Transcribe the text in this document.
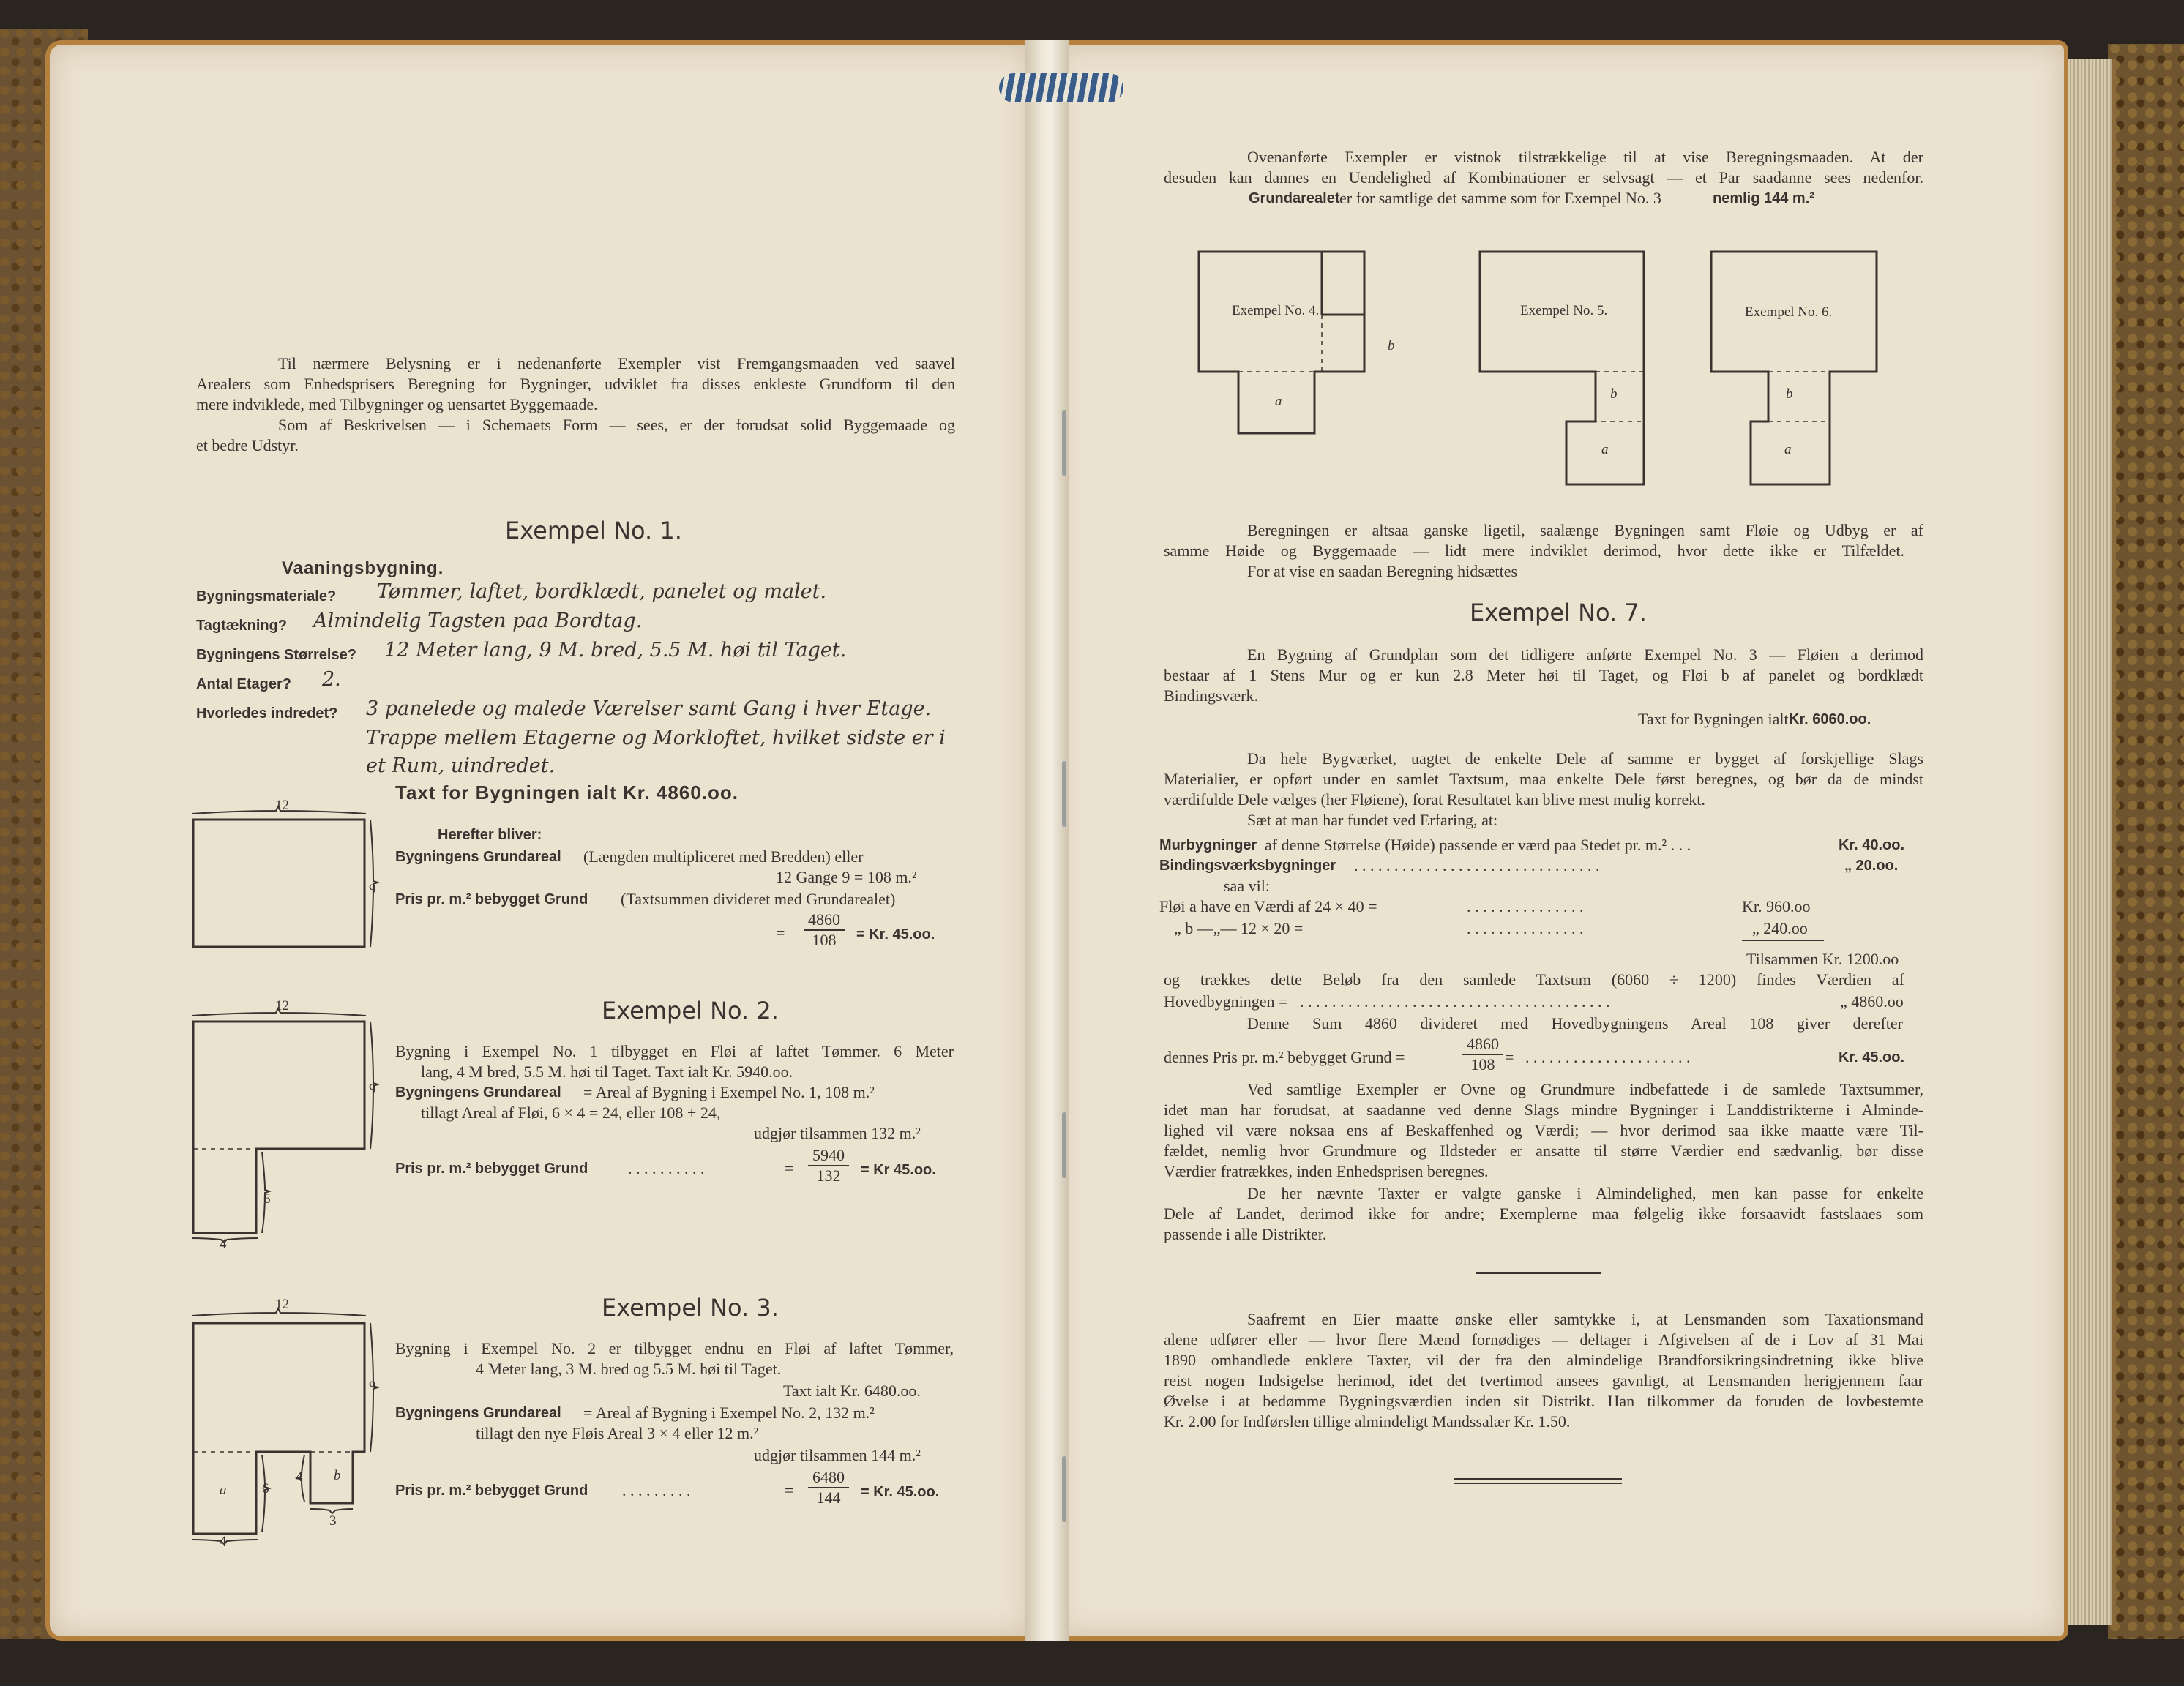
Til nærmere Belysning er i nedenanførte Exempler vist Fremgangsmaaden ved saavel
Arealers som Enhedsprisers Beregning for Bygninger, udviklet fra disses enkleste Grundform til den
mere indviklede, med Tilbygninger og uensartet Byggemaade.
Som af Beskrivelsen — i Schemaets Form — sees, er der forudsat solid Byggemaade og
et bedre Udstyr.
Exempel No. 1.
Vaaningsbygning.
Bygningsmateriale? Tømmer, laftet, bordklædt, panelet og malet.
Tagtækning? Almindelig Tagsten paa Bordtag.
Bygningens Størrelse? 12 Meter lang, 9 M. bred, 5.5 M. høi til Taget.
Antal Etager? 2.
Hvorledes indredet? 3 panelede og malede Værelser samt Gang i hver Etage.
Trappe mellem Etagerne og Morkloftet, hvilket sidste er i
et Rum, uindredet.
Taxt for Bygningen ialt Kr. 4860.oo.
12
9
Herefter bliver:
Bygningens Grundareal (Længden multipliceret med Bredden) eller
12 Gange 9 = 108 m.²
Pris pr. m.² bebygget Grund (Taxtsummen divideret med Grundarealet)
= $\frac{4860}{108} = Kr$. 45.oo.
Exempel No. 2.
12
9
6
4
Bygning i Exempel No. 1 tilbygget en Fløi af laftet Tømmer. 6 Meter
lang, 4 M bred, 5.5 M. høi til Taget. Taxt ialt Kr. 5940.oo.
Bygningens Grundareal = Areal af Bygning i Exempel No. 1, 108 m.²
tillagt Areal af Fløi, 6 × 4 = 24, eller 108 + 24,
udgjør tilsammen 132 m.²
Pris pr. m.² bebygget Grund . . . . . . . . . .	= $\frac{5940}{132} = Kr$ 45.oo.
Exempel No. 3.
12
9
6
4
4
3
a
b
Bygning i Exempel No. 2 er tilbygget endnu en Fløi af laftet Tømmer,
4 Meter lang, 3 M. bred og 5.5 M. høi til Taget.
Taxt ialt Kr. 6480.oo.
Bygningens Grundareal = Areal af Bygning i Exempel No. 2, 132 m.²
tillagt den nye Fløis Areal 3 × 4 eller 12 m.²
udgjør tilsammen 144 m.²
Pris pr. m.² bebygget Grund . . . . . . . . .	= $\frac{6480}{144} = Kr$. 45.oo.
Ovenanførte Exempler er vistnok tilstrækkelige til at vise Beregningsmaaden. At der
desuden kan dannes en Uendelighed af Kombinationer er selvsagt — et Par saadanne sees nedenfor.
Grundarealet er for samtlige det samme som for Exempel No. 3	nemlig 144 m.²
Exempel No. 4.
b
a
Exempel No. 5.
b
a
Exempel No. 6.
b
a
Beregningen er altsaa ganske ligetil, saalænge Bygningen samt Fløie og Udbyg er af
samme Høide og Byggemaade — lidt mere indviklet derimod, hvor dette ikke er Tilfældet.
For at vise en saadan Beregning hidsættes
Exempel No. 7.
En Bygning af Grundplan som det tidligere anførte Exempel No. 3 — Fløien a derimod
bestaar af 1 Stens Mur og er kun 2.8 Meter høi til Taget, og Fløi b af panelet og bordklædt
Bindingsværk.
Taxt for Bygningen ialt Kr. 6060.oo.
Da hele Bygværket, uagtet de enkelte Dele af samme er bygget af forskjellige Slags
Materialier, er opført under en samlet Taxtsum, maa enkelte Dele først beregnes, og bør da de mindst
værdifulde Dele vælges (her Fløiene), forat Resultatet kan blive mest mulig korrekt.
Sæt at man har fundet ved Erfaring, at:
Murbygninger af denne Størrelse (Høide) passende er værd paa Stedet pr. m.² . . .	Kr. 40.oo.
Bindingsværksbygninger . . . . . . . . . . . . . . . . . . . . . . . . . . . . . . .	„ 20.oo.
saa vil:
Fløi a have en Værdi af 24 × 40 =	. . . . . . . . . . . . . . .	Kr. 960.oo
„ b —„— 12 × 20 =	. . . . . . . . . . . . . . .	„ 240.oo
Tilsammen Kr. 1200.oo
og trækkes dette Beløb fra den samlede Taxtsum (6060 ÷ 1200) findes Værdien af
Hovedbygningen = . . . . . . . . . . . . . . . . . . . . . . . . . . . . . . . . . . . . . . .	„ 4860.oo
Denne Sum 4860 divideret med Hovedbygningens Areal 108 giver derefter
dennes Pris pr. m.² bebygget Grund =	$\frac{4860}{108}$ = . . . . . . . . . . . . . . . . . . . . .	Kr. 45.oo.
Ved samtlige Exempler er Ovne og Grundmure indbefattede i de samlede Taxtsummer,
idet man har forudsat, at saadanne ved denne Slags mindre Bygninger i Landdistrikterne i Alminde-
lighed vil være noksaa ens af Beskaffenhed og Værdi; — hvor derimod saa ikke maatte være Til-
fældet, nemlig hvor Grundmure og Ildsteder er ansatte til større Værdier end sædvanlig, bør disse
Værdier fratrækkes, inden Enhedsprisen beregnes.
De her nævnte Taxter er valgte ganske i Almindelighed, men kan passe for enkelte
Dele af Landet, derimod ikke for andre; Exemplerne maa følgelig ikke forsaavidt fastslaaes som
passende i alle Distrikter.
Saafremt en Eier maatte ønske eller samtykke i, at Lensmanden som Taxationsmand
alene udfører eller — hvor flere Mænd fornødiges — deltager i Afgivelsen af de i Lov af 31 Mai
1890 omhandlede enklere Taxter, vil der fra den almindelige Brandforsikringsindretning ikke blive
reist nogen Indsigelse herimod, idet det tvertimod ansees gavnligt, at Lensmanden herigjennem faar
Øvelse i at bedømme Bygningsværdien inden sit Distrikt. Han tilkommer da foruden de lovbestemte
Kr. 2.00 for Indførslen tillige almindeligt Mandssalær Kr. 1.50.
